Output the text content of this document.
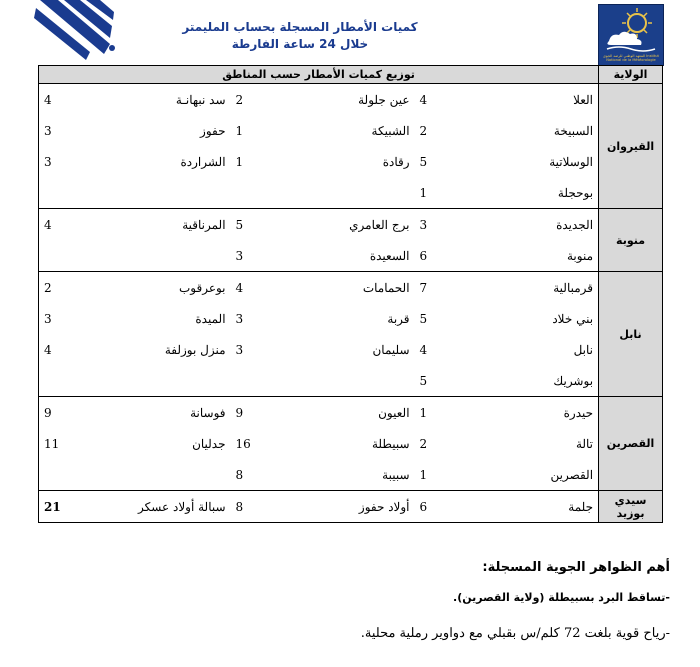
المعهد الوطني للرصد الجوي Institut National de la Météorologie
كميات الأمطار المسجلة بحساب المليمتر
خلال 24 ساعة الفارطة
الولاية	توزيع كميات الأمطار حسب المناطق					
القيروان	العلا	4	عين جلولة	2	سد نبهانـة	4
	السبيخة	2	الشبيكة	1	حفوز	3
	الوسلاتية	5	رقادة	1	الشراردة	3
	بوحجلة	1				
منوبة	الجديدة	3	برج العامري	5	المرناقية	4
	منوبة	6	السعيدة	3		
نابل	قرمبالية	7	الحمامات	4	بوعرقوب	2
	بني خلاد	5	قربة	3	الميدة	3
	نابل	4	سليمان	3	منزل بوزلفة	4
	بوشريك	5				
القصرين	حيدرة	1	العيون	9	فوسانة	9
	تالة	2	سبيطلة	16	جدليان	11
	القصرين	1	سبيبة	8		
سيدي بوزيد	جلمة	6	أولاد حفوز	8	سبالة أولاد عسكر	21
أهم الظواهر الجوية المسجلة:
-تساقط البرد بسبيطلة (ولاية القصرين).
-رياح قوية بلغت 72 كلم/س بقبلي مع دواوير رملية محلية.
